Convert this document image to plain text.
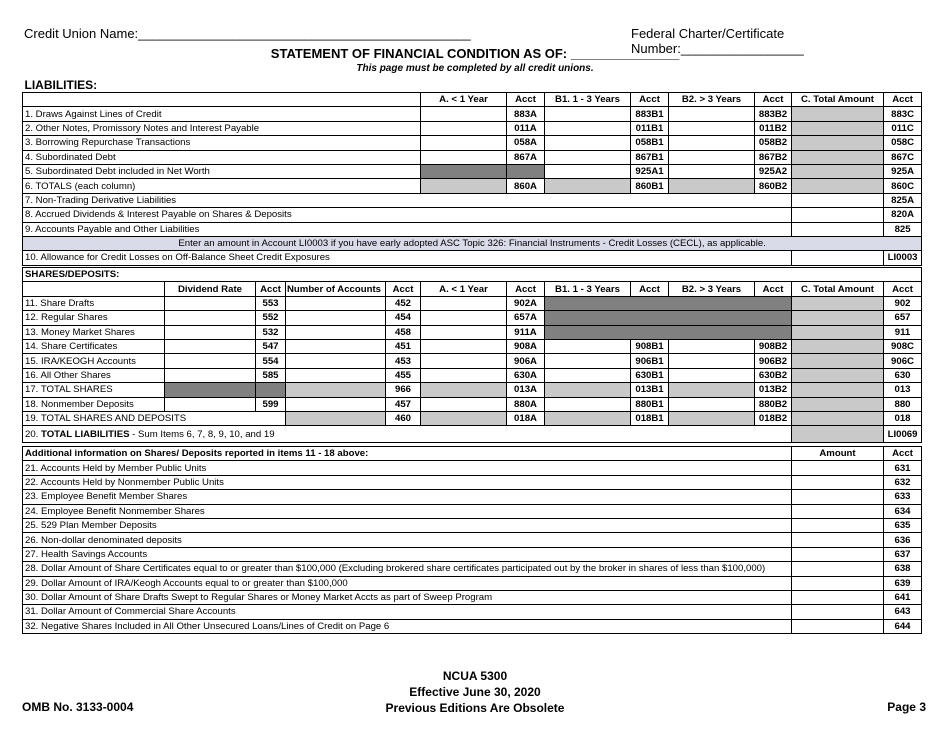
Credit Union Name:______________________________________________	Federal Charter/Certificate Number:_________________
STATEMENT OF FINANCIAL CONDITION AS OF: _______________
This page must be completed by all credit unions.
LIABILITIES:								
	A. < 1 Year	Acct	B1. 1 - 3 Years	Acct	B2. > 3 Years	Acct	C. Total Amount	Acct
1. Draws Against Lines of Credit		883A		883B1		883B2		883C
2. Other Notes, Promissory Notes and Interest Payable		011A		011B1		011B2		011C
3. Borrowing Repurchase Transactions		058A		058B1		058B2		058C
4. Subordinated Debt		867A		867B1		867B2		867C
5. Subordinated Debt included in Net Worth				925A1		925A2		925A
6. TOTALS (each column)		860A		860B1		860B2		860C
7. Non-Trading Derivative Liabilities								825A
8. Accrued Dividends & Interest Payable on Shares & Deposits								820A
9. Accounts Payable and Other Liabilities								825
Enter an amount in Account LI0003 if you have early adopted ASC Topic 326: Financial Instruments - Credit Losses (CECL), as applicable.								
10. Allowance for Credit Losses on Off-Balance Sheet Credit Exposures								LI0003
SHARES/DEPOSITS:												
	Dividend Rate	Acct	Number of Accounts	Acct	A. < 1 Year	Acct	B1. 1 - 3 Years	Acct	B2. > 3 Years	Acct	C. Total Amount	Acct
11. Share Drafts		553		452		902A						902
12. Regular Shares		552		454		657A						657
13. Money Market Shares		532		458		911A						911
14. Share Certificates		547		451		908A		908B1		908B2		908C
15. IRA/KEOGH Accounts		554		453		906A		906B1		906B2		906C
16. All Other Shares		585		455		630A		630B1		630B2		630
17. TOTAL SHARES				966		013A		013B1		013B2		013
18. Nonmember Deposits		599		457		880A		880B1		880B2		880
19. TOTAL SHARES AND DEPOSITS				460		018A		018B1		018B2		018
20. TOTAL LIABILITIES - Sum Items 6, 7, 8, 9, 10, and 19												LI0069
Additional information on Shares/ Deposits reported in items 11 - 18 above:	Amount	Acct
21. Accounts Held by Member Public Units		631
22. Accounts Held by Nonmember Public Units		632
23. Employee Benefit Member Shares		633
24. Employee Benefit Nonmember Shares		634
25. 529 Plan Member Deposits		635
26. Non-dollar denominated deposits		636
27. Health Savings Accounts		637
28. Dollar Amount of Share Certificates equal to or greater than $100,000 (Excluding brokered share certificates participated out by the broker in shares of less than $100,000)		638
29. Dollar Amount of IRA/Keogh Accounts equal to or greater than $100,000		639
30. Dollar Amount of Share Drafts Swept to Regular Shares or Money Market Accts as part of Sweep Program		641
31. Dollar Amount of Commercial Share Accounts		643
32. Negative Shares Included in All Other Unsecured Loans/Lines of Credit on Page 6		644
OMB No. 3133-0004
NCUA 5300
Effective June 30, 2020
Previous Editions Are Obsolete	Page 3
